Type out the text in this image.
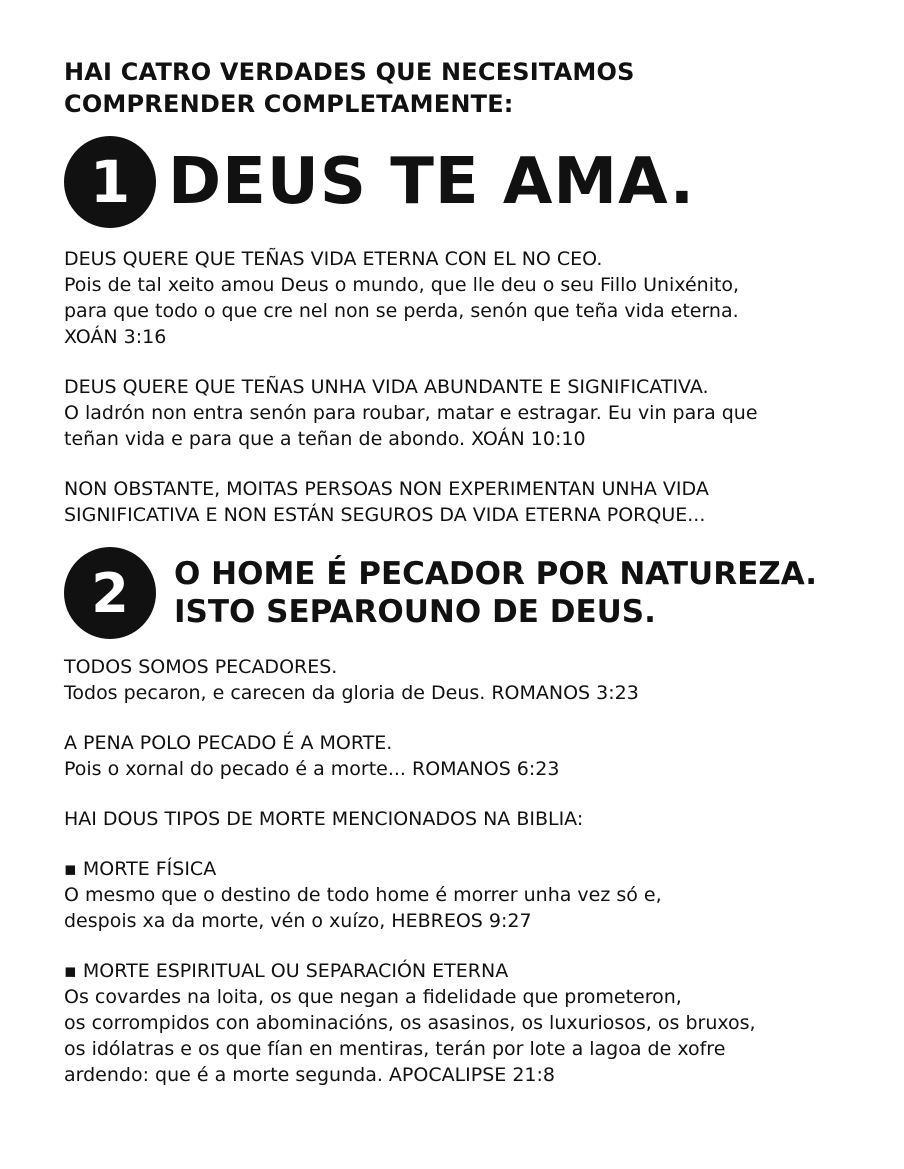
HAI CATRO VERDADES QUE NECESITAMOS
COMPRENDER COMPLETAMENTE:
1 DEUS TE AMA.

DEUS QUERE QUE TEÑAS VIDA ETERNA CON EL NO CEO.

Pois de tal xeito amou Deus o mundo, que lle deu o seu Fillo Unixénito,

para que todo o que cre nel non se perda, senón que teña vida eterna.

XOÁN 3:16

DEUS QUERE QUE TEÑAS UNHA VIDA ABUNDANTE E SIGNIFICATIVA.

O ladrón non entra senón para roubar, matar e estragar. Eu vin para que

teñan vida e para que a teñan de abondo. XOÁN 10:10

NON OBSTANTE, MOITAS PERSOAS NON EXPERIMENTAN UNHA VIDA

SIGNIFICATIVA E NON ESTÁN SEGUROS DA VIDA ETERNA PORQUE...

2	O HOME É PECADOR POR NATUREZA.
ISTO SEPAROUNO DE DEUS.

TODOS SOMOS PECADORES.

Todos pecaron, e carecen da gloria de Deus. ROMANOS 3:23

A PENA POLO PECADO É A MORTE.

Pois o xornal do pecado é a morte... ROMANOS 6:23

HAI DOUS TIPOS DE MORTE MENCIONADOS NA BIBLIA:

▪ MORTE FÍSICA

O mesmo que o destino de todo home é morrer unha vez só e,

despois xa da morte, vén o xuízo, HEBREOS 9:27

▪ MORTE ESPIRITUAL OU SEPARACIÓN ETERNA

Os covardes na loita, os que negan a fidelidade que prometeron,

os corrompidos con abominacións, os asasinos, os luxuriosos, os bruxos,

os idólatras e os que fían en mentiras, terán por lote a lagoa de xofre

ardendo: que é a morte segunda. APOCALIPSE 21:8
